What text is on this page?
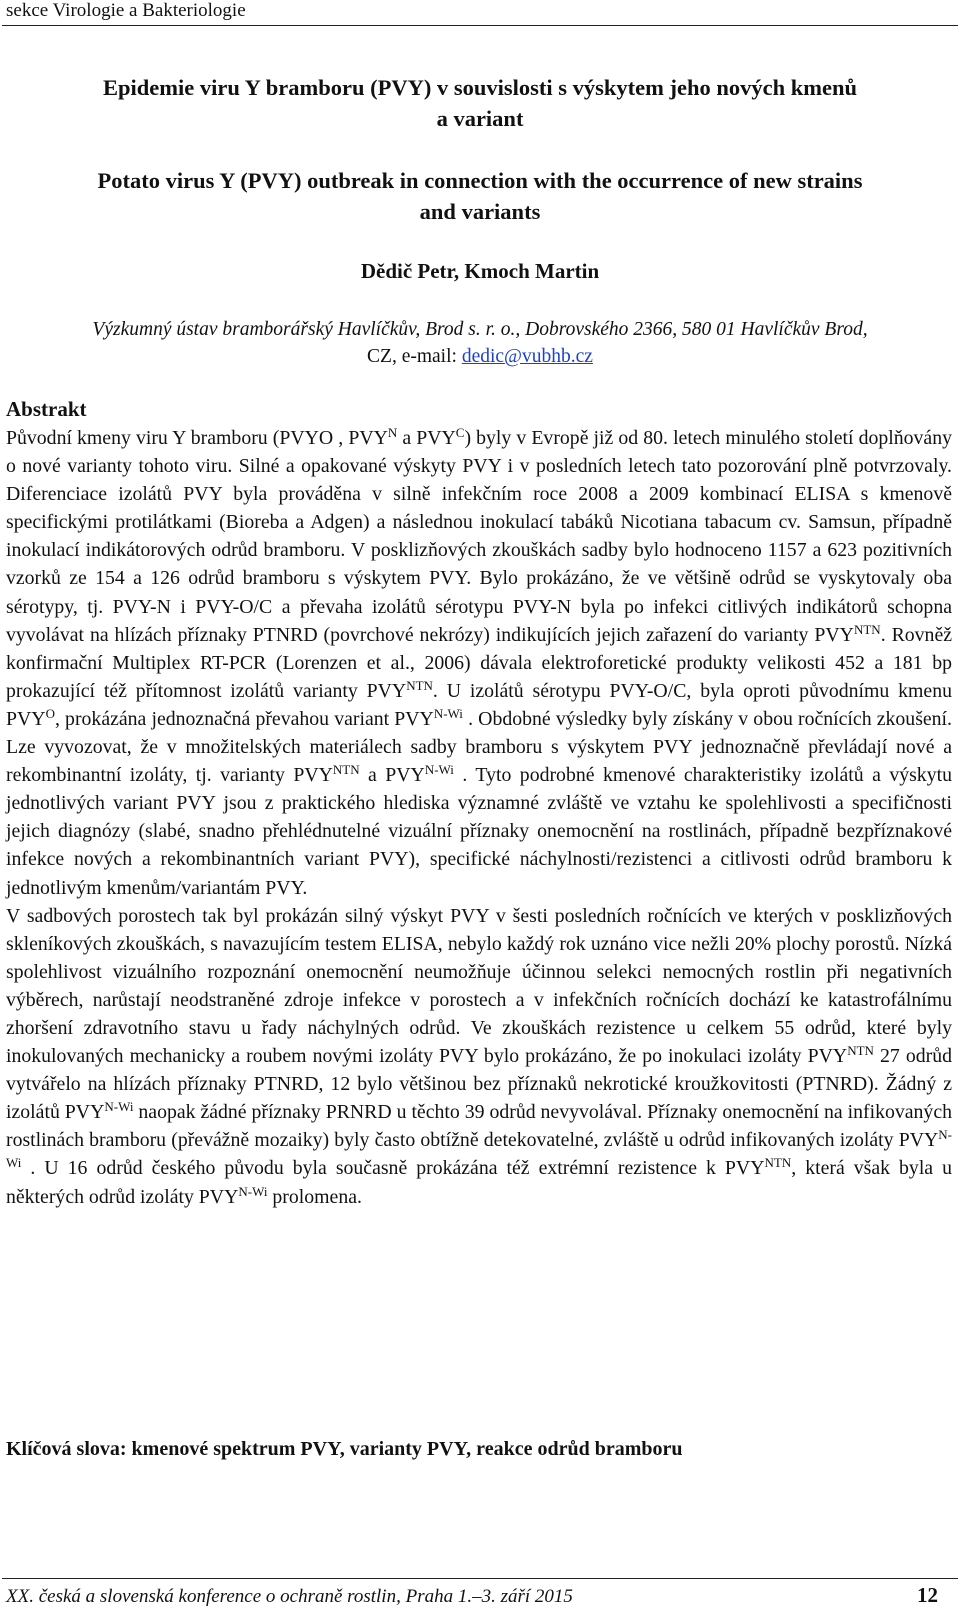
sekce Virologie a Bakteriologie
Epidemie viru Y bramboru (PVY) v souvislosti s výskytem jeho nových kmenů
a variant
Potato virus Y (PVY) outbreak in connection with the occurrence of new strains
and variants
Dědič Petr, Kmoch Martin
Výzkumný ústav bramborářský Havlíčkův, Brod s. r. o., Dobrovského 2366, 580 01 Havlíčkův Brod,
CZ, e-mail: dedic@vubhb.cz
Abstrakt

Původní kmeny viru Y bramboru (PVYO , $PVY^N$ a $PVY^C$) byly v Evropě již od 80. letech minulého století doplňovány o nové varianty tohoto viru. Silné a opakované výskyty PVY i v posledních letech tato pozorování plně potvrzovaly. Diferenciace izolátů PVY byla prováděna v silně infekčním roce 2008 a 2009 kombinací ELISA s kmenově specifickými protilátkami (Bioreba a Adgen) a následnou inokulací tabáků Nicotiana tabacum cv. Samsun, případně inokulací indikátorových odrůd bramboru. V posklizňových zkouškách sadby bylo hodnoceno 1157 a 623 pozitivních vzorků ze 154 a 126 odrůd bramboru s výskytem PVY. Bylo prokázáno, že ve většině odrůd se vyskytovaly oba sérotypy, tj. PVY-N i PVY-O/C a převaha izolátů sérotypu PVY-N byla po infekci citlivých indikátorů schopna vyvolávat na hlízách příznaky PTNRD (povrchové nekrózy) indikujících jejich zařazení do varianty $PVY^{NTN}$. Rovněž konfirmační Multiplex RT-PCR (Lorenzen et al., 2006) dávala elektroforetické produkty velikosti 452 a 181 bp prokazující též přítomnost izolátů varianty $PVY^{NTN}$. U izolátů sérotypu PVY-O/C, byla oproti původnímu kmenu $PVY^O$, prokázána jednoznačná převahou variant $PVY^{N-Wi}$ . Obdobné výsledky byly získány v obou ročnících zkoušení. Lze vyvozovat, že v množitelských materiálech sadby bramboru s výskytem PVY jednoznačně převládají nové a rekombinantní izoláty, tj. varianty $PVY^{NTN}$ a $PVY^{N-Wi}$ . Tyto podrobné kmenové charakteristiky izolátů a výskytu jednotlivých variant PVY jsou z praktického hlediska významné zvláště ve vztahu ke spolehlivosti a specifičnosti jejich diagnózy (slabé, snadno přehlédnutelné vizuální příznaky onemocnění na rostlinách, případně bezpříznakové infekce nových a rekombinantních variant PVY), specifické náchylnosti/rezistenci a citlivosti odrůd bramboru k jednotlivým kmenům/variantám PVY.

V sadbových porostech tak byl prokázán silný výskyt PVY v šesti posledních ročnících ve kterých v posklizňových skleníkových zkouškách, s navazujícím testem ELISA, nebylo každý rok uznáno vice nežli 20% plochy porostů. Nízká spolehlivost vizuálního rozpoznání onemocnění neumožňuje účinnou selekci nemocných rostlin při negativních výběrech, narůstají neodstraněné zdroje infekce v porostech a v infekčních ročnících dochází ke katastrofálnímu zhoršení zdravotního stavu u řady náchylných odrůd. Ve zkouškách rezistence u celkem 55 odrůd, které byly inokulovaných mechanicky a roubem novými izoláty PVY bylo prokázáno, že po inokulaci izoláty $PVY^{NTN}$ 27 odrůd vytvářelo na hlízách příznaky PTNRD, 12 bylo většinou bez příznaků nekrotické kroužkovitosti (PTNRD). Žádný z izolátů $PVY^{N-Wi}$ naopak žádné příznaky PRNRD u těchto 39 odrůd nevyvolával. Příznaky onemocnění na infikovaných rostlinách bramboru (převážně mozaiky) byly často obtížně detekovatelné, zvláště u odrůd infikovaných izoláty $PVY^{N-Wi}$ . U 16 odrůd českého původu byla současně prokázána též extrémní rezistence k $PVY^{NTN}$, která však byla u některých odrůd izoláty $PVY^{N-Wi}$ prolomena.

Klíčová slova: kmenové spektrum PVY, varianty PVY, reakce odrůd bramboru
XX. česká a slovenská konference o ochraně rostlin, Praha 1.–3. září 2015	12
